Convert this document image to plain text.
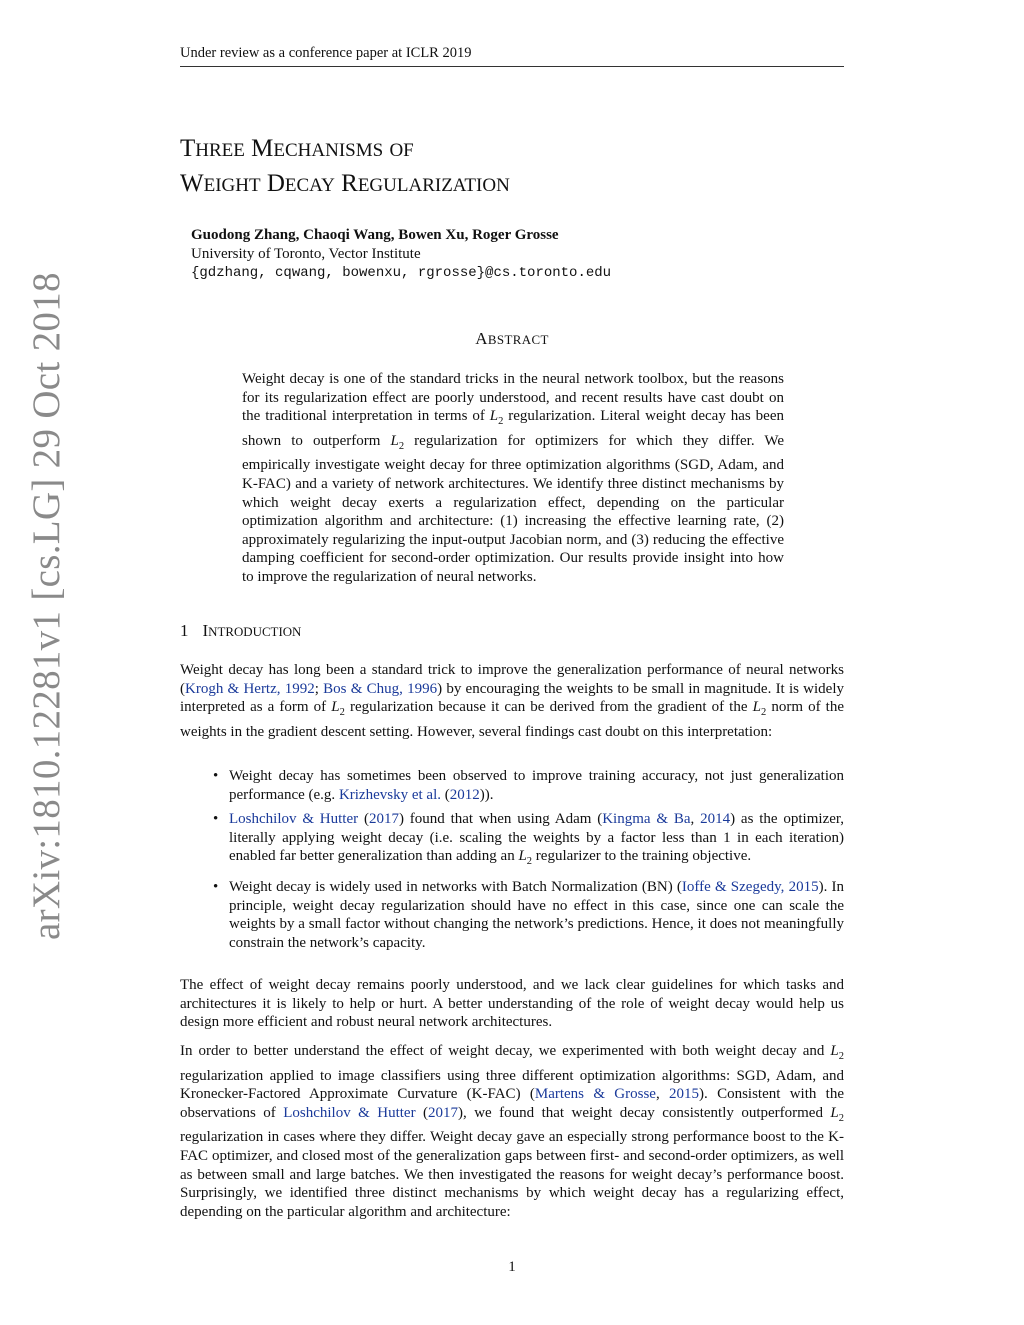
Under review as a conference paper at ICLR 2019
arXiv:1810.12281v1 [cs.LG] 29 Oct 2018
THREE MECHANISMS OF
WEIGHT DECAY REGULARIZATION
Guodong Zhang, Chaoqi Wang, Bowen Xu, Roger Grosse
University of Toronto, Vector Institute
{gdzhang, cqwang, bowenxu, rgrosse}@cs.toronto.edu
ABSTRACT

Weight decay is one of the standard tricks in the neural network toolbox, but the reasons for its regularization effect are poorly understood, and recent results have cast doubt on the traditional interpretation in terms of $L_2$ regularization. Literal weight decay has been shown to outperform $L_2$ regularization for optimizers for which they differ. We empirically investigate weight decay for three optimization algorithms (SGD, Adam, and K-FAC) and a variety of network architectures. We identify three distinct mechanisms by which weight decay exerts a regularization effect, depending on the particular optimization algorithm and architecture: (1) increasing the effective learning rate, (2) approximately regularizing the input-output Jacobian norm, and (3) reducing the effective damping coefficient for second-order optimization. Our results provide insight into how to improve the regularization of neural networks.

1 INTRODUCTION

Weight decay has long been a standard trick to improve the generalization performance of neural networks (Krogh & Hertz, 1992; Bos & Chug, 1996) by encouraging the weights to be small in magnitude. It is widely interpreted as a form of $L_2$ regularization because it can be derived from the gradient of the $L_2$ norm of the weights in the gradient descent setting. However, several findings cast doubt on this interpretation:

• Weight decay has sometimes been observed to improve training accuracy, not just generalization performance (e.g. Krizhevsky et al. (2012)).
• Loshchilov & Hutter (2017) found that when using Adam (Kingma & Ba, 2014) as the optimizer, literally applying weight decay (i.e. scaling the weights by a factor less than 1 in each iteration) enabled far better generalization than adding an $L_2$ regularizer to the training objective.
• Weight decay is widely used in networks with Batch Normalization (BN) (Ioffe & Szegedy, 2015). In principle, weight decay regularization should have no effect in this case, since one can scale the weights by a small factor without changing the network’s predictions. Hence, it does not meaningfully constrain the network’s capacity.

The effect of weight decay remains poorly understood, and we lack clear guidelines for which tasks and architectures it is likely to help or hurt. A better understanding of the role of weight decay would help us design more efficient and robust neural network architectures.

In order to better understand the effect of weight decay, we experimented with both weight decay and $L_2$ regularization applied to image classifiers using three different optimization algorithms: SGD, Adam, and Kronecker-Factored Approximate Curvature (K-FAC) (Martens & Grosse, 2015). Consistent with the observations of Loshchilov & Hutter (2017), we found that weight decay consistently outperformed $L_2$ regularization in cases where they differ. Weight decay gave an especially strong performance boost to the K-FAC optimizer, and closed most of the generalization gaps between first- and second-order optimizers, as well as between small and large batches. We then investigated the reasons for weight decay’s performance boost. Surprisingly, we identified three distinct mechanisms by which weight decay has a regularizing effect, depending on the particular algorithm and architecture:

1
